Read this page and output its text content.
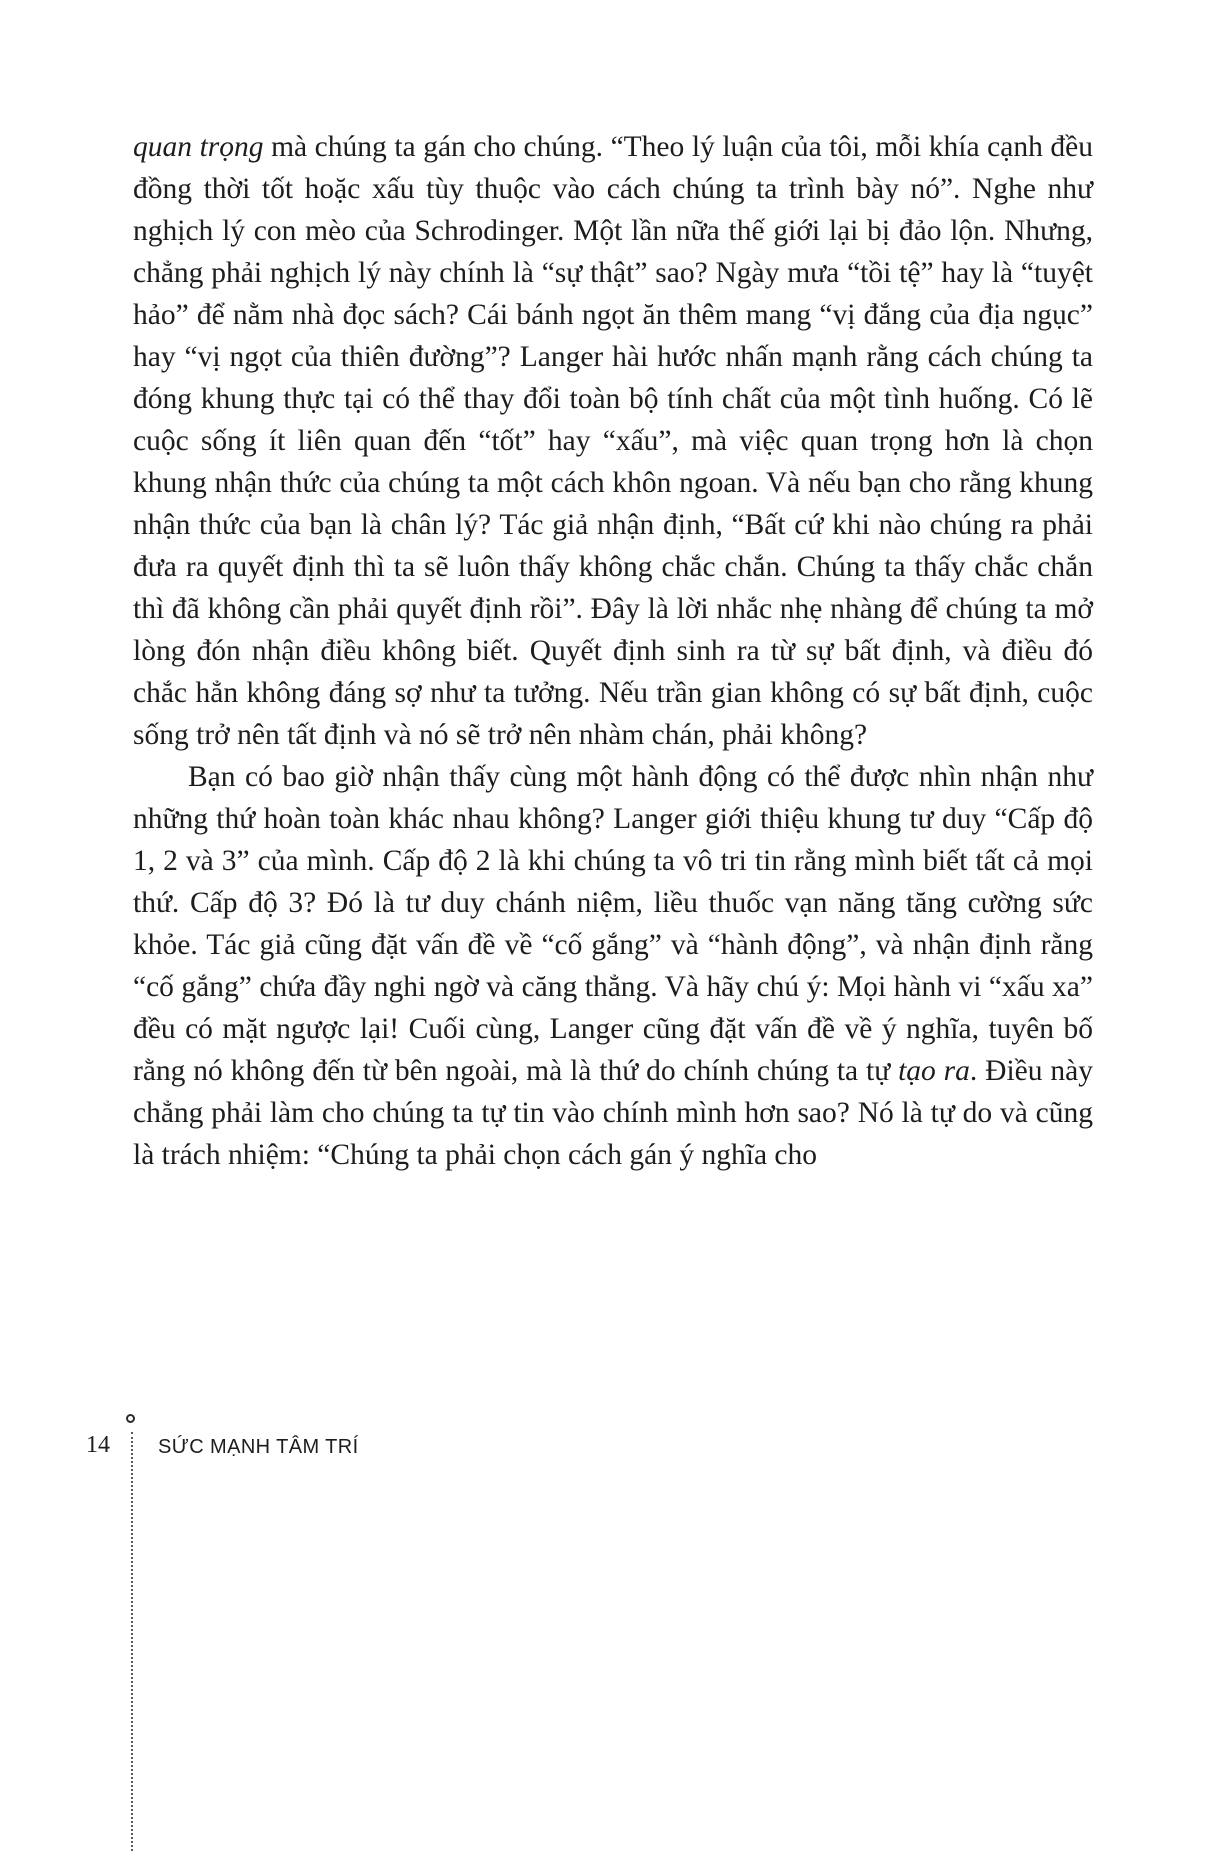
quan trọng mà chúng ta gán cho chúng. “Theo lý luận của tôi, mỗi khía cạnh đều đồng thời tốt hoặc xấu tùy thuộc vào cách chúng ta trình bày nó”. Nghe như nghịch lý con mèo của Schrodinger. Một lần nữa thế giới lại bị đảo lộn. Nhưng, chẳng phải nghịch lý này chính là “sự thật” sao? Ngày mưa “tồi tệ” hay là “tuyệt hảo” để nằm nhà đọc sách? Cái bánh ngọt ăn thêm mang “vị đắng của địa ngục” hay “vị ngọt của thiên đường”? Langer hài hước nhấn mạnh rằng cách chúng ta đóng khung thực tại có thể thay đổi toàn bộ tính chất của một tình huống. Có lẽ cuộc sống ít liên quan đến “tốt” hay “xấu”, mà việc quan trọng hơn là chọn khung nhận thức của chúng ta một cách khôn ngoan. Và nếu bạn cho rằng khung nhận thức của bạn là chân lý? Tác giả nhận định, “Bất cứ khi nào chúng ra phải đưa ra quyết định thì ta sẽ luôn thấy không chắc chắn. Chúng ta thấy chắc chắn thì đã không cần phải quyết định rồi”. Đây là lời nhắc nhẹ nhàng để chúng ta mở lòng đón nhận điều không biết. Quyết định sinh ra từ sự bất định, và điều đó chắc hẳn không đáng sợ như ta tưởng. Nếu trần gian không có sự bất định, cuộc sống trở nên tất định và nó sẽ trở nên nhàm chán, phải không?

Bạn có bao giờ nhận thấy cùng một hành động có thể được nhìn nhận như những thứ hoàn toàn khác nhau không? Langer giới thiệu khung tư duy “Cấp độ 1, 2 và 3” của mình. Cấp độ 2 là khi chúng ta vô tri tin rằng mình biết tất cả mọi thứ. Cấp độ 3? Đó là tư duy chánh niệm, liều thuốc vạn năng tăng cường sức khỏe. Tác giả cũng đặt vấn đề về “cố gắng” và “hành động”, và nhận định rằng “cố gắng” chứa đầy nghi ngờ và căng thẳng. Và hãy chú ý: Mọi hành vi “xấu xa” đều có mặt ngược lại! Cuối cùng, Langer cũng đặt vấn đề về ý nghĩa, tuyên bố rằng nó không đến từ bên ngoài, mà là thứ do chính chúng ta tự tạo ra. Điều này chẳng phải làm cho chúng ta tự tin vào chính mình hơn sao? Nó là tự do và cũng là trách nhiệm: “Chúng ta phải chọn cách gán ý nghĩa cho

14 SỨC MẠNH TÂM TRÍ
